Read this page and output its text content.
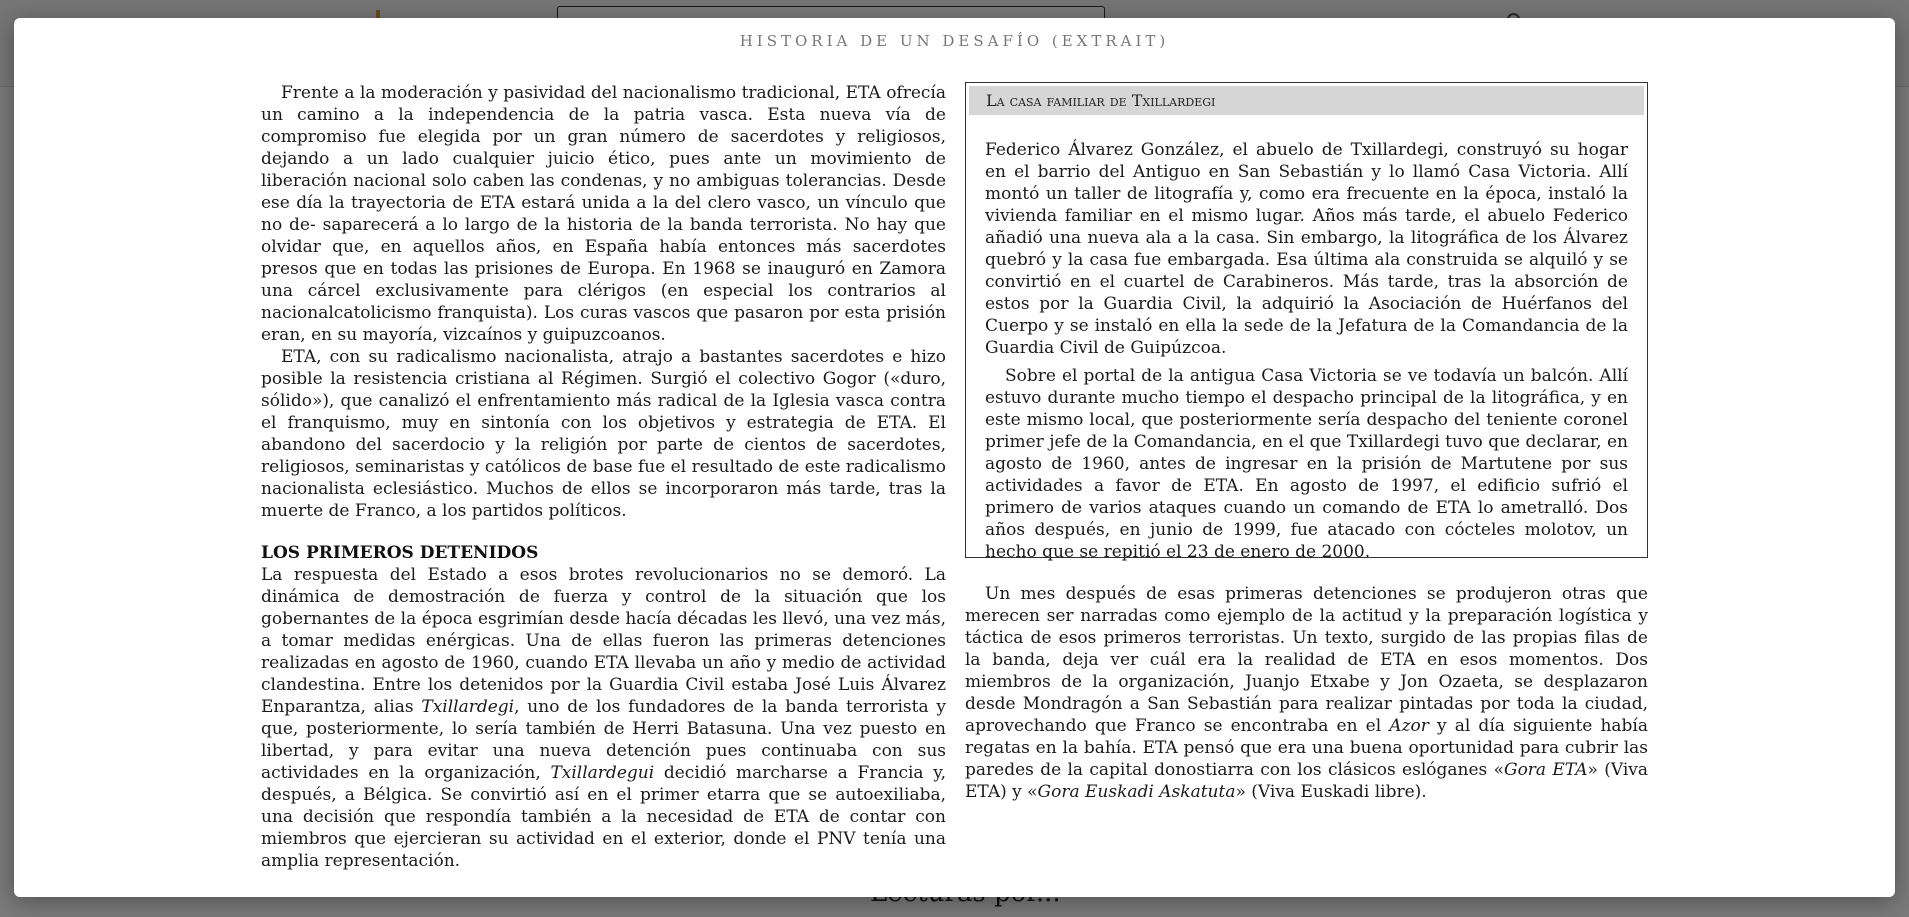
HISTORIA DE UN DESAFÍO (EXTRAIT)

Frente a la moderación y pasividad del nacionalismo tradicional, ETA ofrecía un camino a la independencia de la patria vasca. Esta nueva vía de compromiso fue elegida por un gran número de sacerdotes y religiosos, dejando a un lado cualquier juicio ético, pues ante un movimiento de liberación nacional solo caben las condenas, y no ambiguas tolerancias. Desde ese día la trayectoria de ETA estará unida a la del clero vasco, un vínculo que no de- saparecerá a lo largo de la historia de la banda terrorista. No hay que olvidar que, en aquellos años, en España había entonces más sacerdotes presos que en todas las prisiones de Europa. En 1968 se inauguró en Zamora una cárcel exclusivamente para clérigos (en especial los contrarios al nacionalcatolicismo franquista). Los curas vascos que pasaron por esta prisión eran, en su mayoría, vizcaínos y guipuzcoanos.

ETA, con su radicalismo nacionalista, atrajo a bastantes sacerdotes e hizo posible la resistencia cristiana al Régimen. Surgió el colectivo Gogor («duro, sólido»), que canalizó el enfrentamiento más radical de la Iglesia vasca contra el franquismo, muy en sintonía con los objetivos y estrategia de ETA. El abandono del sacerdocio y la religión por parte de cientos de sacerdotes, religiosos, seminaristas y católicos de base fue el resultado de este radicalismo nacionalista eclesiástico. Muchos de ellos se incorporaron más tarde, tras la muerte de Franco, a los partidos políticos.

LOS PRIMEROS DETENIDOS

La respuesta del Estado a esos brotes revolucionarios no se demoró. La dinámica de demostración de fuerza y control de la situación que los gobernantes de la época esgrimían desde hacía décadas les llevó, una vez más, a tomar medidas enérgicas. Una de ellas fueron las primeras detenciones realizadas en agosto de 1960, cuando ETA llevaba un año y medio de actividad clandestina. Entre los detenidos por la Guardia Civil estaba José Luis Álvarez Enparantza, alias Txillardegi, uno de los fundadores de la banda terrorista y que, posteriormente, lo sería también de Herri Batasuna. Una vez puesto en libertad, y para evitar una nueva detención pues continuaba con sus actividades en la organización, Txillardegui decidió marcharse a Francia y, después, a Bélgica. Se convirtió así en el primer etarra que se autoexiliaba, una decisión que respondía también a la necesidad de ETA de contar con miembros que ejercieran su actividad en el exterior, donde el PNV tenía una amplia representación.

La casa familiar de Txillardegi

Federico Álvarez González, el abuelo de Txillardegi, construyó su hogar en el barrio del Antiguo en San Sebastián y lo llamó Casa Victoria. Allí montó un taller de litografía y, como era frecuente en la época, instaló la vivienda familiar en el mismo lugar. Años más tarde, el abuelo Federico añadió una nueva ala a la casa. Sin embargo, la litográfica de los Álvarez quebró y la casa fue embargada. Esa última ala construida se alquiló y se convirtió en el cuartel de Carabineros. Más tarde, tras la absorción de estos por la Guardia Civil, la adquirió la Asociación de Huérfanos del Cuerpo y se instaló en ella la sede de la Jefatura de la Comandancia de la Guardia Civil de Guipúzcoa.

Sobre el portal de la antigua Casa Victoria se ve todavía un balcón. Allí estuvo durante mucho tiempo el despacho principal de la litográfica, y en este mismo local, que posteriormente sería despacho del teniente coronel primer jefe de la Comandancia, en el que Txillardegi tuvo que declarar, en agosto de 1960, antes de ingresar en la prisión de Martutene por sus actividades a favor de ETA. En agosto de 1997, el edificio sufrió el primero de varios ataques cuando un comando de ETA lo ametralló. Dos años después, en junio de 1999, fue atacado con cócteles molotov, un hecho que se repitió el 23 de enero de 2000.

Un mes después de esas primeras detenciones se produjeron otras que merecen ser narradas como ejemplo de la actitud y la preparación logística y táctica de esos primeros terroristas. Un texto, surgido de las propias filas de la banda, deja ver cuál era la realidad de ETA en esos momentos. Dos miembros de la organización, Juanjo Etxabe y Jon Ozaeta, se desplazaron desde Mondragón a San Sebastián para realizar pintadas por toda la ciudad, aprovechando que Franco se encontraba en el Azor y al día siguiente había regatas en la bahía. ETA pensó que era una buena oportunidad para cubrir las paredes de la capital donostiarra con los clásicos eslóganes «Gora ETA» (Viva ETA) y «Gora Euskadi Askatuta» (Viva Euskadi libre).
